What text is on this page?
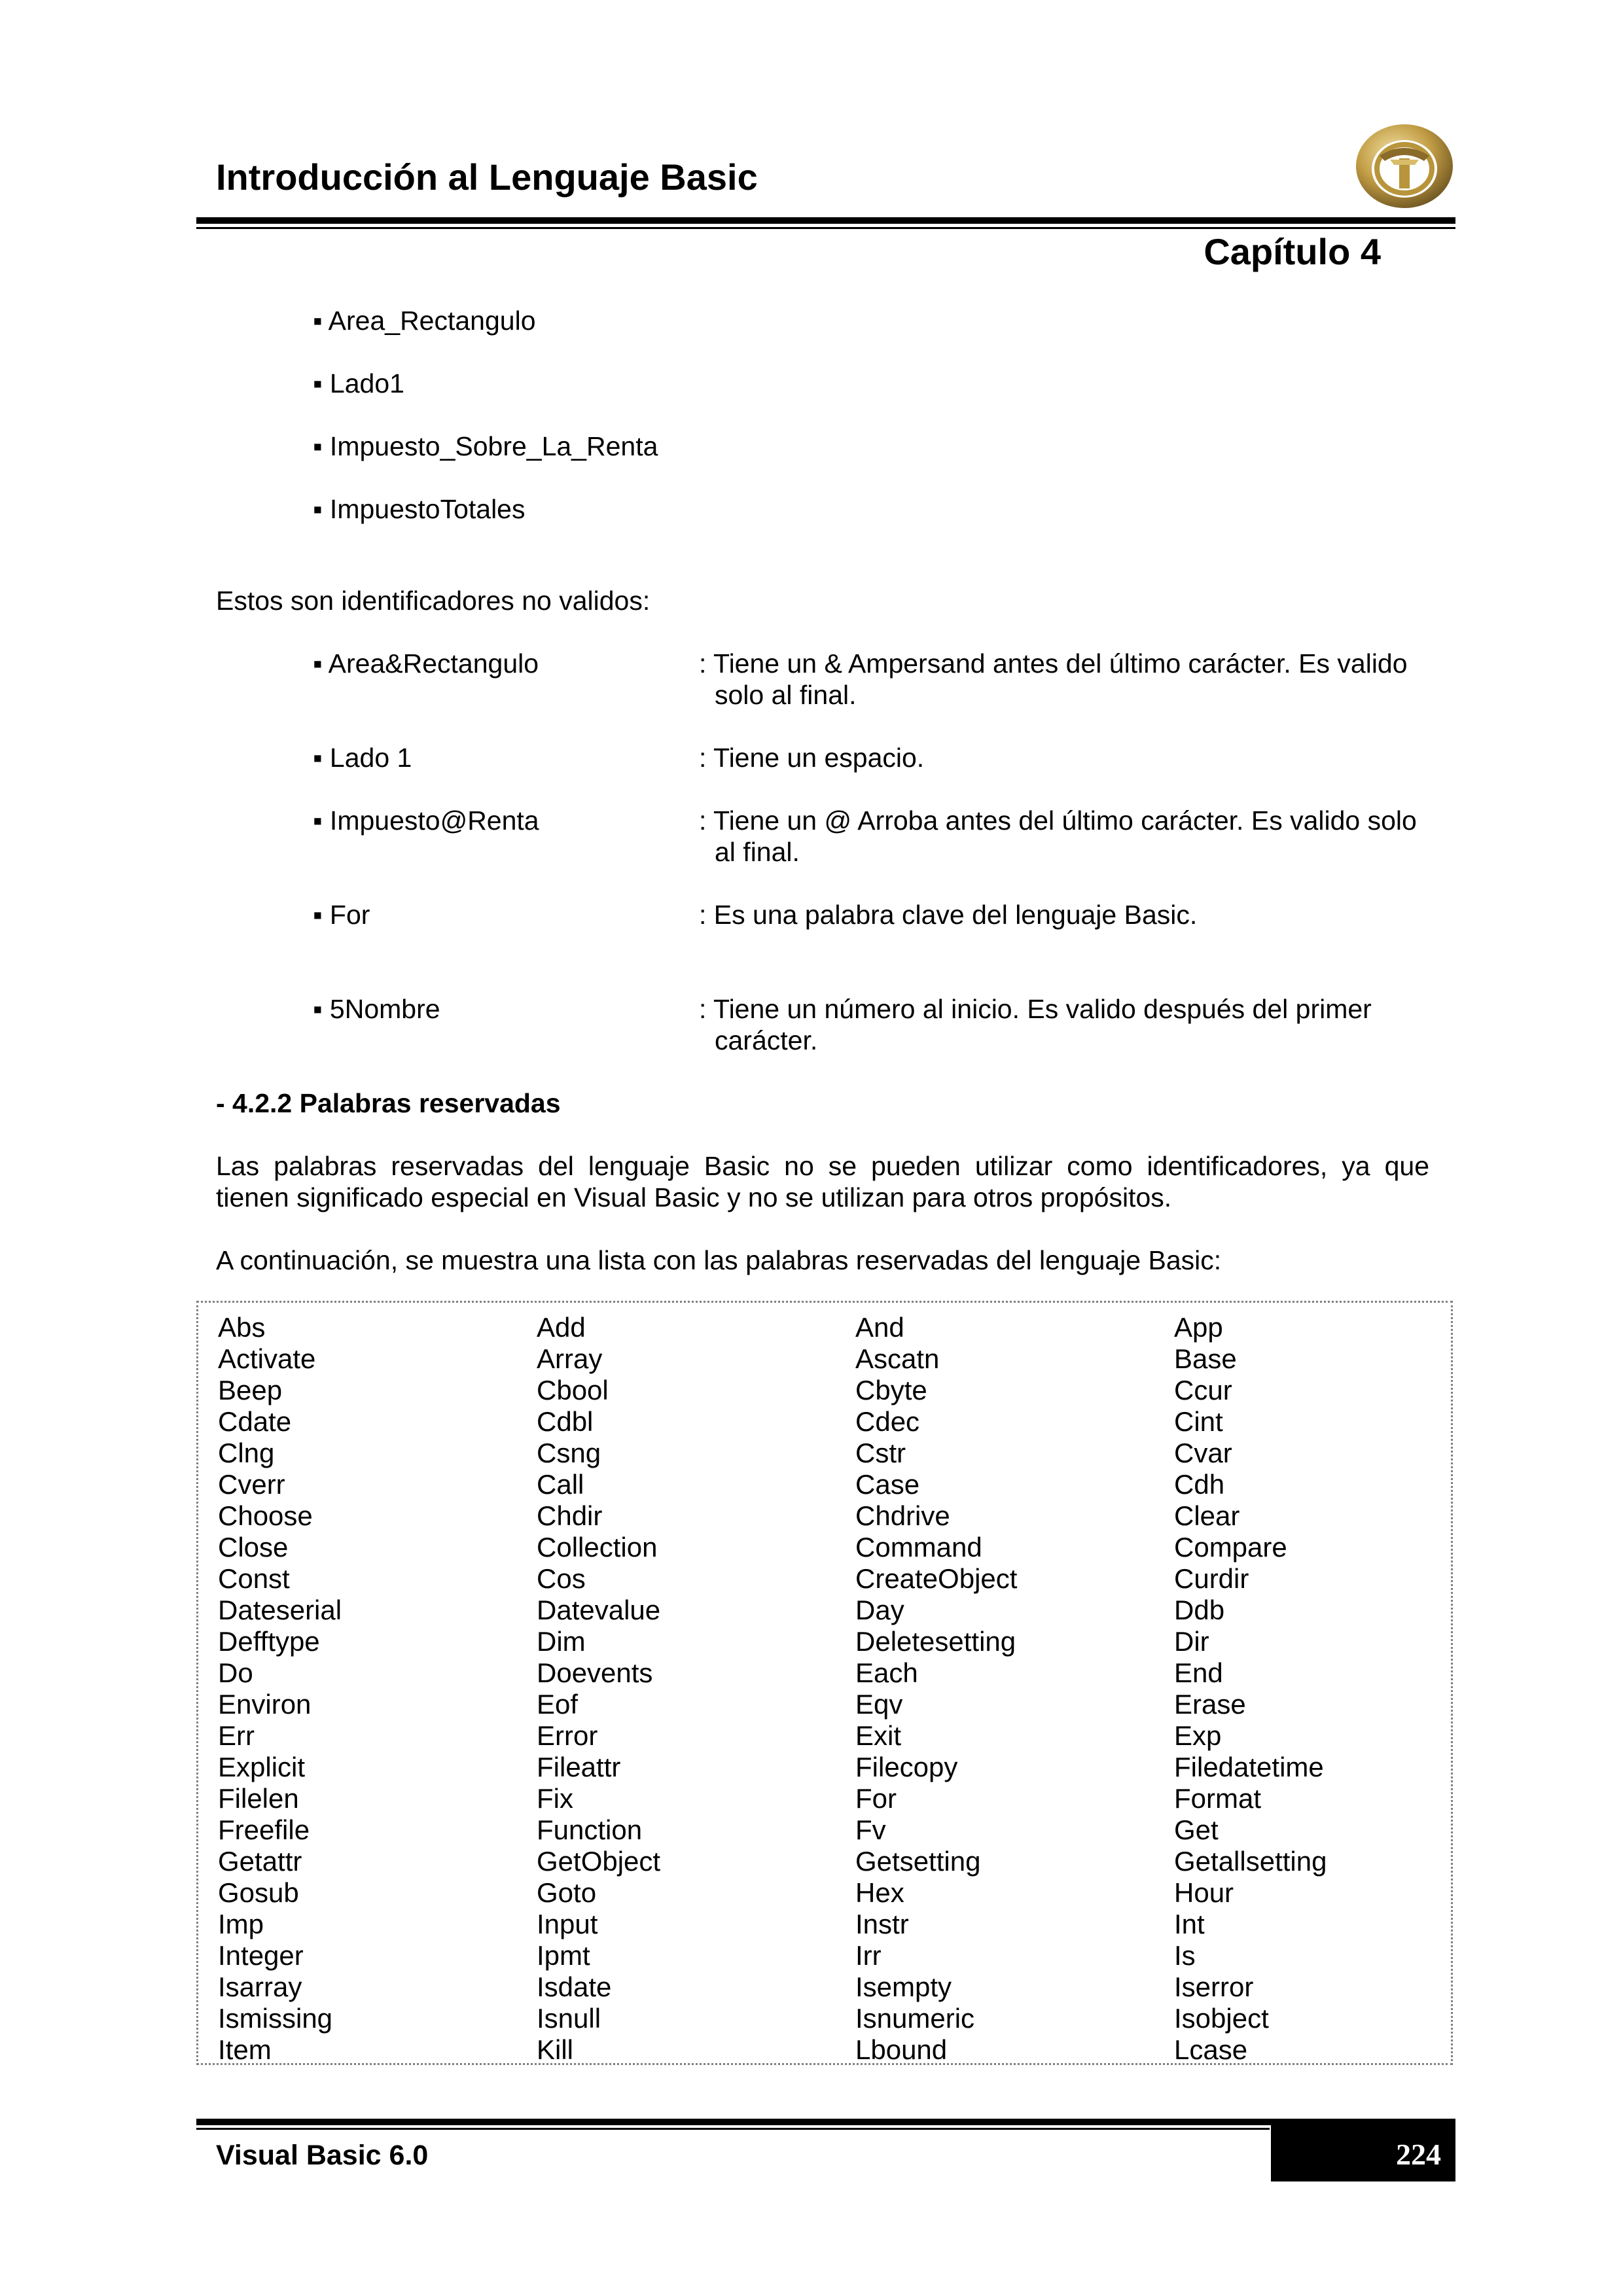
Introducción al Lenguaje Basic
Capítulo 4
▪ Area_Rectangulo
▪ Lado1
▪ Impuesto_Sobre_La_Renta
▪ ImpuestoTotales

Estos son identificadores no validos:

▪ Area&Rectangulo	: Tiene un & Ampersand antes del último carácter. Es valido solo al final.
▪ Lado 1	: Tiene un espacio.
▪ Impuesto@Renta	: Tiene un @ Arroba antes del último carácter. Es valido solo al final.
▪ For	: Es una palabra clave del lenguaje Basic.
▪ 5Nombre	: Tiene un número al inicio. Es valido después del primer carácter.
- 4.2.2 Palabras reservadas

Las palabras reservadas del lenguaje Basic no se pueden utilizar como identificadores, ya que

tienen significado especial en Visual Basic y no se utilizan para otros propósitos.

A continuación, se muestra una lista con las palabras reservadas del lenguaje Basic:

Abs	Add	And	App
Activate	Array	Ascatn	Base
Beep	Cbool	Cbyte	Ccur
Cdate	Cdbl	Cdec	Cint
Clng	Csng	Cstr	Cvar
Cverr	Call	Case	Cdh
Choose	Chdir	Chdrive	Clear
Close	Collection	Command	Compare
Const	Cos	CreateObject	Curdir
Dateserial	Datevalue	Day	Ddb
Defftype	Dim	Deletesetting	Dir
Do	Doevents	Each	End
Environ	Eof	Eqv	Erase
Err	Error	Exit	Exp
Explicit	Fileattr	Filecopy	Filedatetime
Filelen	Fix	For	Format
Freefile	Function	Fv	Get
Getattr	GetObject	Getsetting	Getallsetting
Gosub	Goto	Hex	Hour
Imp	Input	Instr	Int
Integer	Ipmt	Irr	Is
Isarray	Isdate	Isempty	Iserror
Ismissing	Isnull	Isnumeric	Isobject
Item	Kill	Lbound	Lcase
Visual Basic 6.0	224
